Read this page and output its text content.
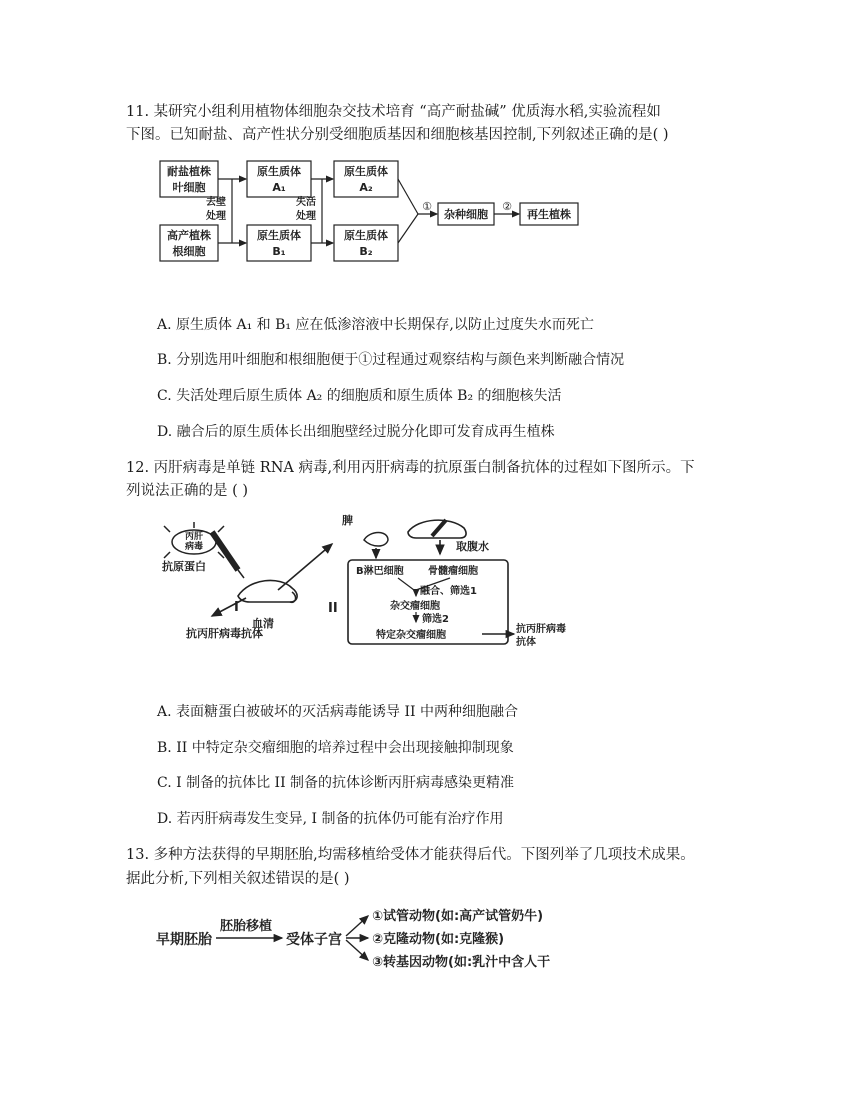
11. 某研究小组利用植物体细胞杂交技术培育 “高产耐盐碱” 优质海水稻,实验流程如
下图。已知耐盐、高产性状分别受细胞质基因和细胞核基因控制,下列叙述正确的是( )
耐盐植株
叶细胞
高产植株
根细胞
去壁
处理
失活
处理
原生质体
A₁
原生质体
B₁
原生质体
A₂
原生质体
B₂
①
杂种细胞
②
再生植株
A. 原生质体 A₁ 和 B₁ 应在低渗溶液中长期保存,以防止过度失水而死亡
B. 分别选用叶细胞和根细胞便于①过程通过观察结构与颜色来判断融合情况
C. 失活处理后原生质体 A₂ 的细胞质和原生质体 B₂ 的细胞核失活
D. 融合后的原生质体长出细胞壁经过脱分化即可发育成再生植株
12. 丙肝病毒是单链 RNA 病毒,利用丙肝病毒的抗原蛋白制备抗体的过程如下图所示。下
列说法正确的是 ( )
丙肝
病毒
抗原蛋白
I
血清
抗丙肝病毒抗体
脾
取腹水
II
B淋巴细胞 骨髓瘤细胞
融合、筛选1
杂交瘤细胞
筛选2
特定杂交瘤细胞
抗丙肝病毒
抗体
A. 表面糖蛋白被破坏的灭活病毒能诱导 II 中两种细胞融合
B. II 中特定杂交瘤细胞的培养过程中会出现接触抑制现象
C. I 制备的抗体比 II 制备的抗体诊断丙肝病毒感染更精准
D. 若丙肝病毒发生变异, I 制备的抗体仍可能有治疗作用
13. 多种方法获得的早期胚胎,均需移植给受体才能获得后代。下图列举了几项技术成果。
据此分析,下列相关叙述错误的是( )
早期胚胎
胚胎移植
受体子宫
①试管动物(如:高产试管奶牛)
②克隆动物(如:克隆猴)
③转基因动物(如:乳汁中含人干
